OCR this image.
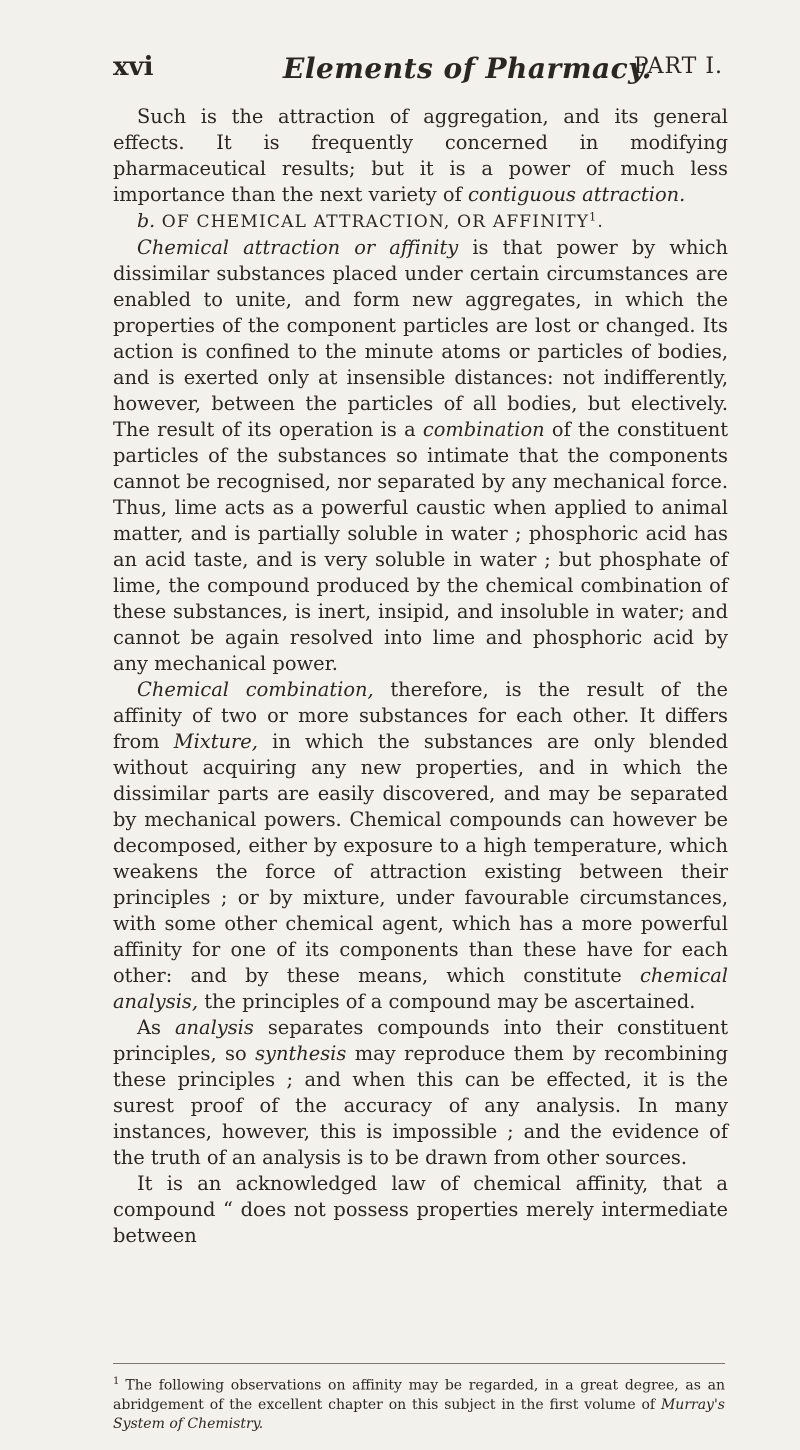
xvi	Elements of Pharmacy.
PART I.

Such is the attraction of aggregation, and its general effects. It is frequently concerned in modifying pharmaceutical results; but it is a power of much less importance than the next variety of contiguous attraction.

b. OF CHEMICAL ATTRACTION, OR AFFINITY$^1$.

Chemical attraction or affinity is that power by which dissimilar substances placed under certain circumstances are enabled to unite, and form new aggregates, in which the properties of the component particles are lost or changed. Its action is confined to the minute atoms or particles of bodies, and is exerted only at insensible distances: not indifferently, however, between the particles of all bodies, but electively. The result of its operation is a combination of the constituent particles of the substances so intimate that the components cannot be recognised, nor separated by any mechanical force. Thus, lime acts as a powerful caustic when applied to animal matter, and is partially soluble in water ; phosphoric acid has an acid taste, and is very soluble in water ; but phosphate of lime, the compound produced by the chemical combination of these substances, is inert, insipid, and insoluble in water; and cannot be again resolved into lime and phosphoric acid by any mechanical power.

Chemical combination, therefore, is the result of the affinity of two or more substances for each other. It differs from Mixture, in which the substances are only blended without acquiring any new properties, and in which the dissimilar parts are easily discovered, and may be separated by mechanical powers. Chemical compounds can however be decomposed, either by exposure to a high temperature, which weakens the force of attraction existing between their principles ; or by mixture, under favourable circumstances, with some other chemical agent, which has a more powerful affinity for one of its components than these have for each other: and by these means, which constitute chemical analysis, the principles of a compound may be ascertained.

As analysis separates compounds into their constituent principles, so synthesis may reproduce them by recombining these principles ; and when this can be effected, it is the surest proof of the accuracy of any analysis. In many instances, however, this is impossible ; and the evidence of the truth of an analysis is to be drawn from other sources.

It is an acknowledged law of chemical affinity, that a compound “ does not possess properties merely intermediate between

$^1$ The following observations on affinity may be regarded, in a great degree, as an abridgement of the excellent chapter on this subject in the first volume of Murray's System of Chemistry.
